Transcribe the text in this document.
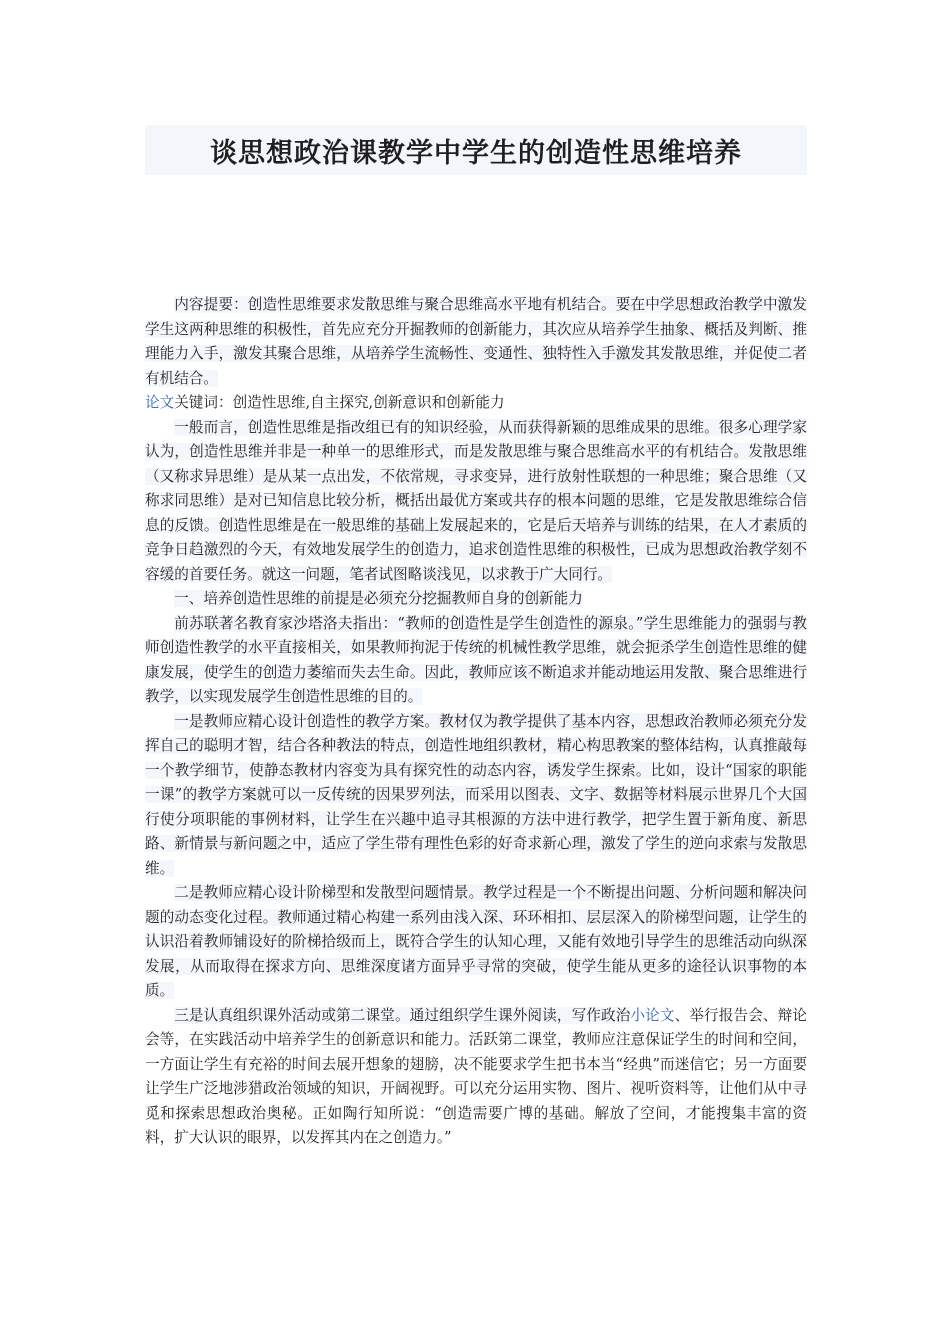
谈思想政治课教学中学生的创造性思维培养

内容提要：创造性思维要求发散思维与聚合思维高水平地有机结合。要在中学思想政治教学中激发学生这两种思维的积极性，首先应充分开掘教师的创新能力，其次应从培养学生抽象、概括及判断、推理能力入手，激发其聚合思维，从培养学生流畅性、变通性、独特性入手激发其发散思维，并促使二者有机结合。

论文关键词：创造性思维,自主探究,创新意识和创新能力

一般而言，创造性思维是指改组已有的知识经验，从而获得新颖的思维成果的思维。很多心理学家认为，创造性思维并非是一种单一的思维形式，而是发散思维与聚合思维高水平的有机结合。发散思维（又称求异思维）是从某一点出发，不依常规，寻求变异，进行放射性联想的一种思维；聚合思维（又称求同思维）是对已知信息比较分析，概括出最优方案或共存的根本问题的思维，它是发散思维综合信息的反馈。创造性思维是在一般思维的基础上发展起来的，它是后天培养与训练的结果，在人才素质的竞争日趋激烈的今天，有效地发展学生的创造力，追求创造性思维的积极性，已成为思想政治教学刻不容缓的首要任务。就这一问题，笔者试图略谈浅见，以求教于广大同行。

一、培养创造性思维的前提是必须充分挖掘教师自身的创新能力

前苏联著名教育家沙塔洛夫指出：“教师的创造性是学生创造性的源泉。”学生思维能力的强弱与教师创造性教学的水平直接相关，如果教师拘泥于传统的机械性教学思维，就会扼杀学生创造性思维的健康发展，使学生的创造力萎缩而失去生命。因此，教师应该不断追求并能动地运用发散、聚合思维进行教学，以实现发展学生创造性思维的目的。

一是教师应精心设计创造性的教学方案。教材仅为教学提供了基本内容，思想政治教师必须充分发挥自己的聪明才智，结合各种教法的特点，创造性地组织教材，精心构思教案的整体结构，认真推敲每一个教学细节，使静态教材内容变为具有探究性的动态内容，诱发学生探索。比如，设计“国家的职能一课”的教学方案就可以一反传统的因果罗列法，而采用以图表、文字、数据等材料展示世界几个大国行使分项职能的事例材料，让学生在兴趣中追寻其根源的方法中进行教学，把学生置于新角度、新思路、新情景与新问题之中，适应了学生带有理性色彩的好奇求新心理，激发了学生的逆向求索与发散思维。

二是教师应精心设计阶梯型和发散型问题情景。教学过程是一个不断提出问题、分析问题和解决问题的动态变化过程。教师通过精心构建一系列由浅入深、环环相扣、层层深入的阶梯型问题，让学生的认识沿着教师铺设好的阶梯拾级而上，既符合学生的认知心理，又能有效地引导学生的思维活动向纵深发展，从而取得在探求方向、思维深度诸方面异乎寻常的突破，使学生能从更多的途径认识事物的本质。

三是认真组织课外活动或第二课堂。通过组织学生课外阅读，写作政治小论文、举行报告会、辩论会等，在实践活动中培养学生的创新意识和能力。活跃第二课堂，教师应注意保证学生的时间和空间，一方面让学生有充裕的时间去展开想象的翅膀，决不能要求学生把书本当“经典”而迷信它；另一方面要让学生广泛地涉猎政治领域的知识，开阔视野。可以充分运用实物、图片、视听资料等，让他们从中寻觅和探索思想政治奥秘。正如陶行知所说：“创造需要广博的基础。解放了空间，才能搜集丰富的资料，扩大认识的眼界，以发挥其内在之创造力。”
